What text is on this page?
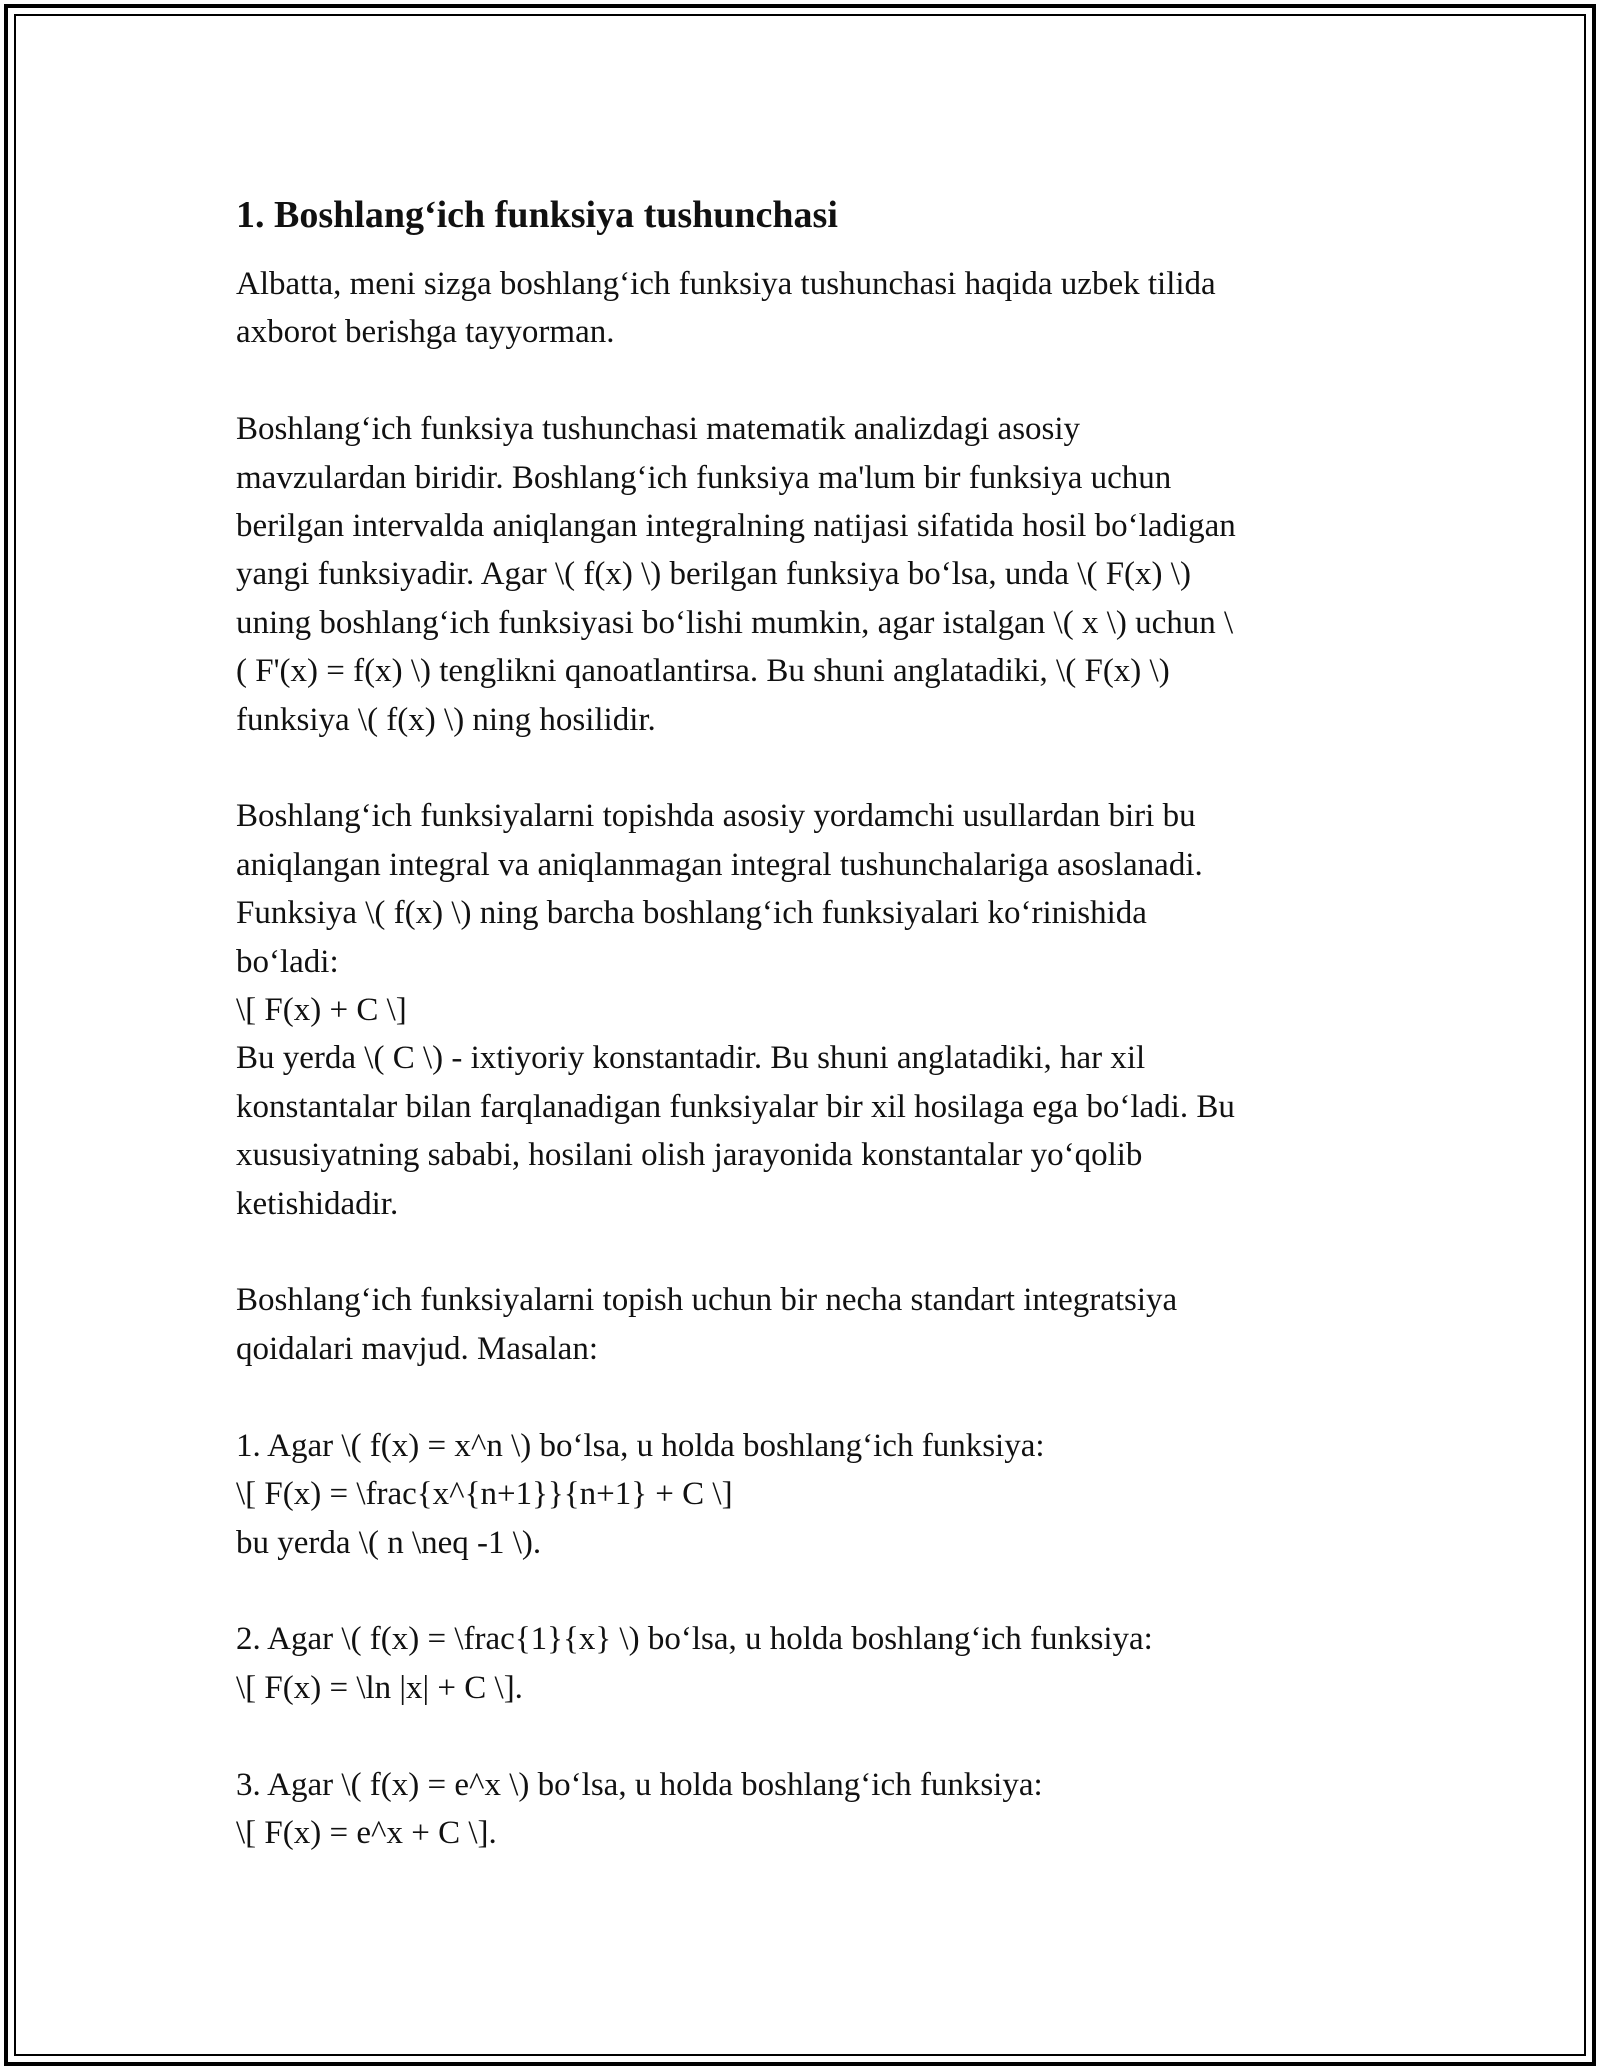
1. Boshlang‘ich funksiya tushunchasi
Albatta, meni sizga boshlang‘ich funksiya tushunchasi haqida uzbek tilida
axborot berishga tayyorman.
Boshlang‘ich funksiya tushunchasi matematik analizdagi asosiy
mavzulardan biridir. Boshlang‘ich funksiya ma'lum bir funksiya uchun
berilgan intervalda aniqlangan integralning natijasi sifatida hosil bo‘ladigan
yangi funksiyadir. Agar \( f(x) \) berilgan funksiya bo‘lsa, unda \( F(x) \)
uning boshlang‘ich funksiyasi bo‘lishi mumkin, agar istalgan \( x \) uchun \
( F'(x) = f(x) \) tenglikni qanoatlantirsa. Bu shuni anglatadiki, \( F(x) \)
funksiya \( f(x) \) ning hosilidir.
Boshlang‘ich funksiyalarni topishda asosiy yordamchi usullardan biri bu
aniqlangan integral va aniqlanmagan integral tushunchalariga asoslanadi.
Funksiya \( f(x) \) ning barcha boshlang‘ich funksiyalari ko‘rinishida
bo‘ladi:
\[ F(x) + C \]
Bu yerda \( C \) - ixtiyoriy konstantadir. Bu shuni anglatadiki, har xil
konstantalar bilan farqlanadigan funksiyalar bir xil hosilaga ega bo‘ladi. Bu
xususiyatning sababi, hosilani olish jarayonida konstantalar yo‘qolib
ketishidadir.
Boshlang‘ich funksiyalarni topish uchun bir necha standart integratsiya
qoidalari mavjud. Masalan:
1. Agar \( f(x) = x^n \) bo‘lsa, u holda boshlang‘ich funksiya:
\[ F(x) = \frac{x^{n+1}}{n+1} + C \]
bu yerda \( n \neq -1 \).
2. Agar \( f(x) = \frac{1}{x} \) bo‘lsa, u holda boshlang‘ich funksiya:
\[ F(x) = \ln |x| + C \].
3. Agar \( f(x) = e^x \) bo‘lsa, u holda boshlang‘ich funksiya:
\[ F(x) = e^x + C \].
